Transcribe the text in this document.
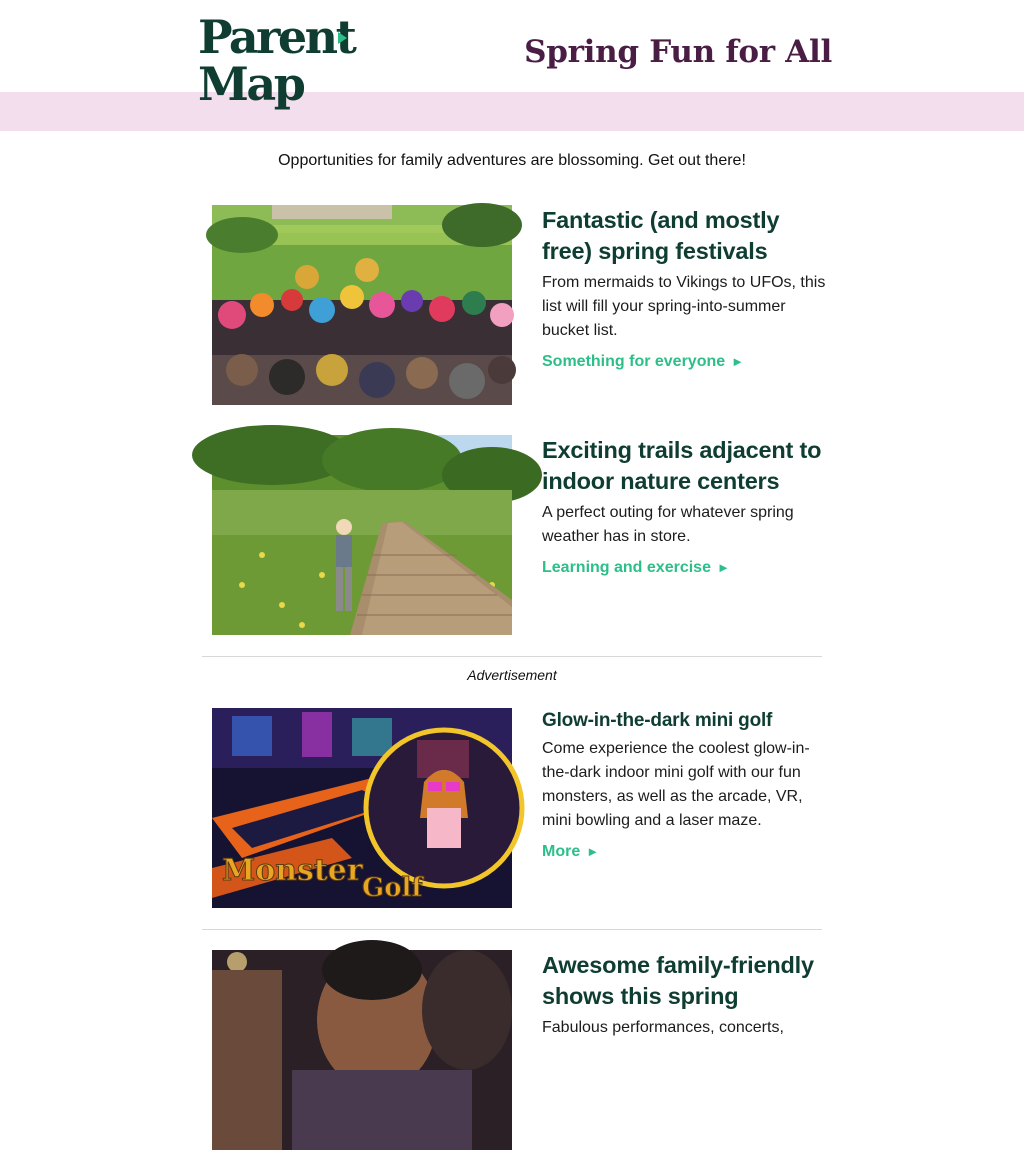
Parent
Map
Spring Fun for All
Opportunities for family adventures are blossoming. Get out there!
Fantastic (and mostly free) spring festivals
From mermaids to Vikings to UFOs, this list will fill your spring-into-summer bucket list.
Something for everyone ►
Exciting trails adjacent to indoor nature centers
A perfect outing for whatever spring weather has in store.
Learning and exercise ►
Advertisement
Monster Golf
Glow-in-the-dark mini golf
Come experience the coolest glow-in-the-dark indoor mini golf with our fun monsters, as well as the arcade, VR, mini bowling and a laser maze.
More ►
Awesome family-friendly shows this spring
Fabulous performances, concerts,
